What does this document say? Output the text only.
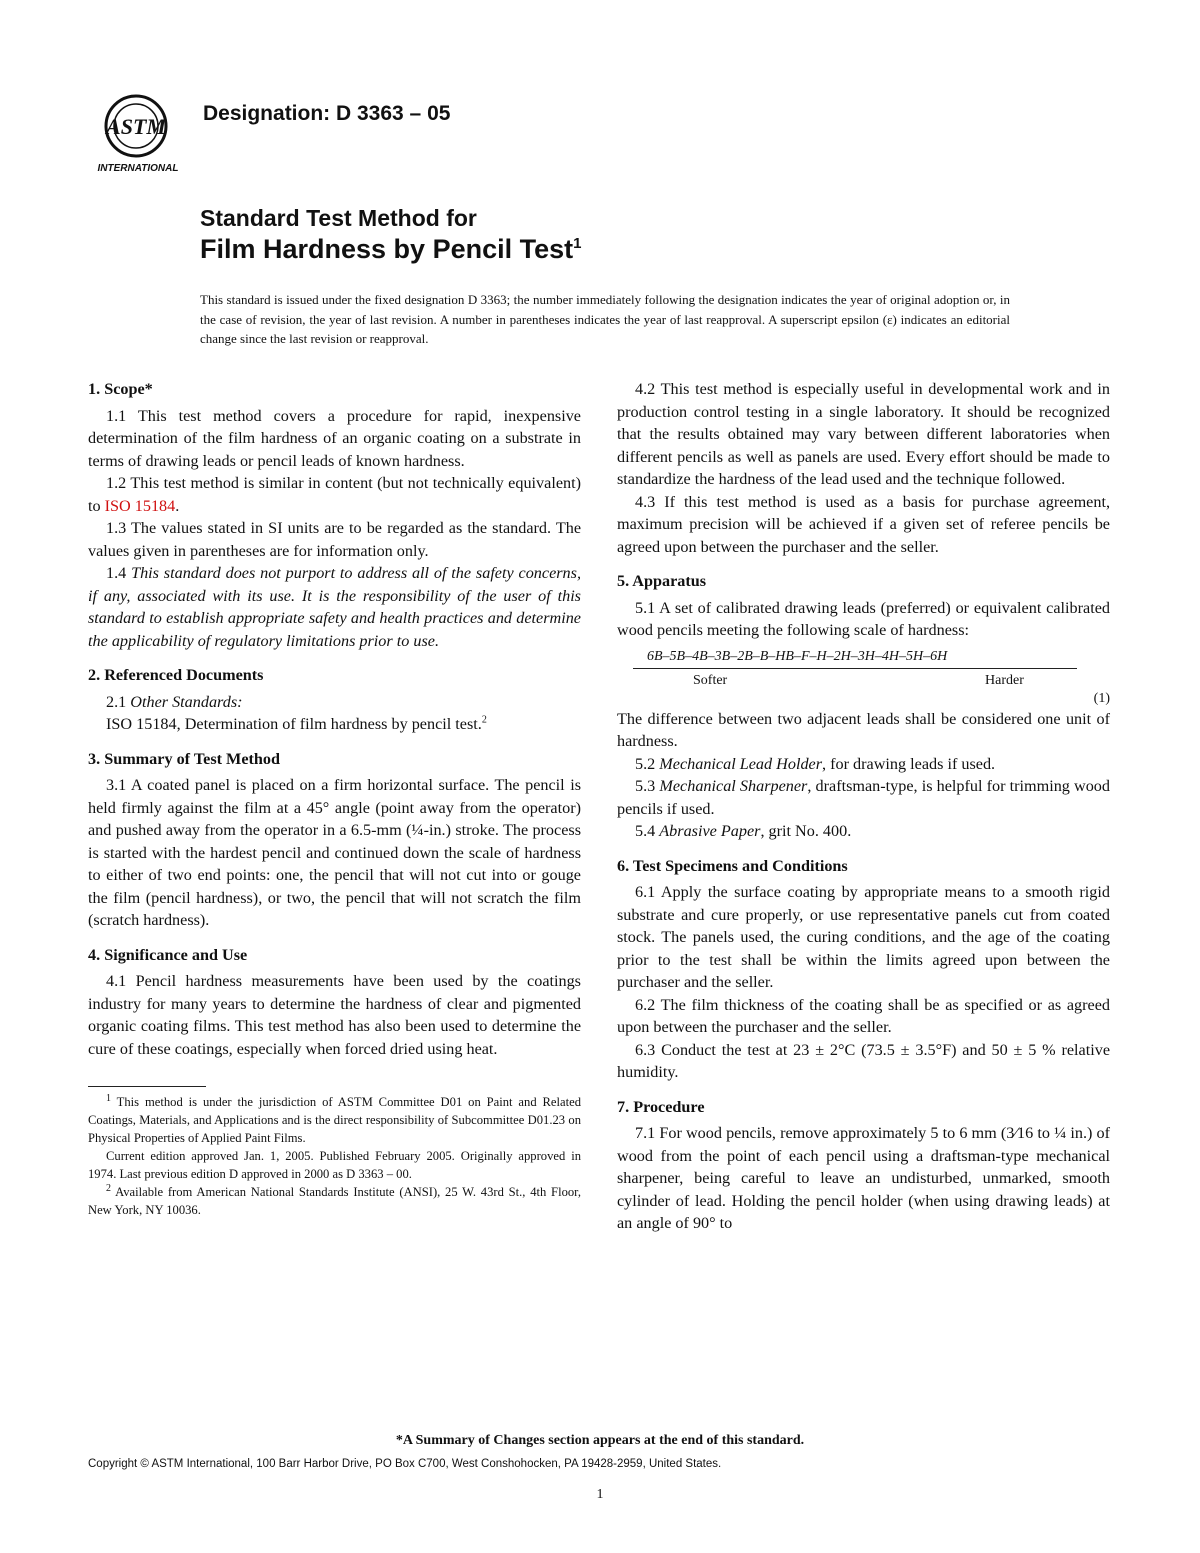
ASTM
INTERNATIONAL
Designation: D 3363 – 05
Standard Test Method for
Film Hardness by Pencil Test$^1$
This standard is issued under the fixed designation D 3363; the number immediately following the designation indicates the year of original adoption or, in the case of revision, the year of last revision. A number in parentheses indicates the year of last reapproval. A superscript epsilon (ε) indicates an editorial change since the last revision or reapproval.

1. Scope*

1.1 This test method covers a procedure for rapid, inexpensive determination of the film hardness of an organic coating on a substrate in terms of drawing leads or pencil leads of known hardness.

1.2 This test method is similar in content (but not technically equivalent) to ISO 15184.

1.3 The values stated in SI units are to be regarded as the standard. The values given in parentheses are for information only.

1.4 This standard does not purport to address all of the safety concerns, if any, associated with its use. It is the responsibility of the user of this standard to establish appropriate safety and health practices and determine the applicability of regulatory limitations prior to use.

2. Referenced Documents

2.1 Other Standards:

ISO 15184, Determination of film hardness by pencil test.$^2$

3. Summary of Test Method

3.1 A coated panel is placed on a firm horizontal surface. The pencil is held firmly against the film at a 45° angle (point away from the operator) and pushed away from the operator in a 6.5-mm (¼-in.) stroke. The process is started with the hardest pencil and continued down the scale of hardness to either of two end points: one, the pencil that will not cut into or gouge the film (pencil hardness), or two, the pencil that will not scratch the film (scratch hardness).

4. Significance and Use

4.1 Pencil hardness measurements have been used by the coatings industry for many years to determine the hardness of clear and pigmented organic coating films. This test method has also been used to determine the cure of these coatings, especially when forced dried using heat.

$^1$ This method is under the jurisdiction of ASTM Committee D01 on Paint and Related Coatings, Materials, and Applications and is the direct responsibility of Subcommittee D01.23 on Physical Properties of Applied Paint Films.

Current edition approved Jan. 1, 2005. Published February 2005. Originally approved in 1974. Last previous edition D approved in 2000 as D 3363 – 00.

$^2$ Available from American National Standards Institute (ANSI), 25 W. 43rd St., 4th Floor, New York, NY 10036.

4.2 This test method is especially useful in developmental work and in production control testing in a single laboratory. It should be recognized that the results obtained may vary between different laboratories when different pencils as well as panels are used. Every effort should be made to standardize the hardness of the lead used and the technique followed.

4.3 If this test method is used as a basis for purchase agreement, maximum precision will be achieved if a given set of referee pencils be agreed upon between the purchaser and the seller.

5. Apparatus

5.1 A set of calibrated drawing leads (preferred) or equivalent calibrated wood pencils meeting the following scale of hardness:

6B–5B–4B–3B–2B–B–HB–F–H–2H–3H–4H–5H–6H
Softer	Harder
(1)

The difference between two adjacent leads shall be considered one unit of hardness.

5.2 Mechanical Lead Holder, for drawing leads if used.

5.3 Mechanical Sharpener, draftsman-type, is helpful for trimming wood pencils if used.

5.4 Abrasive Paper, grit No. 400.

6. Test Specimens and Conditions

6.1 Apply the surface coating by appropriate means to a smooth rigid substrate and cure properly, or use representative panels cut from coated stock. The panels used, the curing conditions, and the age of the coating prior to the test shall be within the limits agreed upon between the purchaser and the seller.

6.2 The film thickness of the coating shall be as specified or as agreed upon between the purchaser and the seller.

6.3 Conduct the test at 23 ± 2°C (73.5 ± 3.5°F) and 50 ± 5 % relative humidity.

7. Procedure

7.1 For wood pencils, remove approximately 5 to 6 mm (3⁄16 to ¼ in.) of wood from the point of each pencil using a draftsman-type mechanical sharpener, being careful to leave an undisturbed, unmarked, smooth cylinder of lead. Holding the pencil holder (when using drawing leads) at an angle of 90° to

*A Summary of Changes section appears at the end of this standard.
Copyright © ASTM International, 100 Barr Harbor Drive, PO Box C700, West Conshohocken, PA 19428-2959, United States.
1
